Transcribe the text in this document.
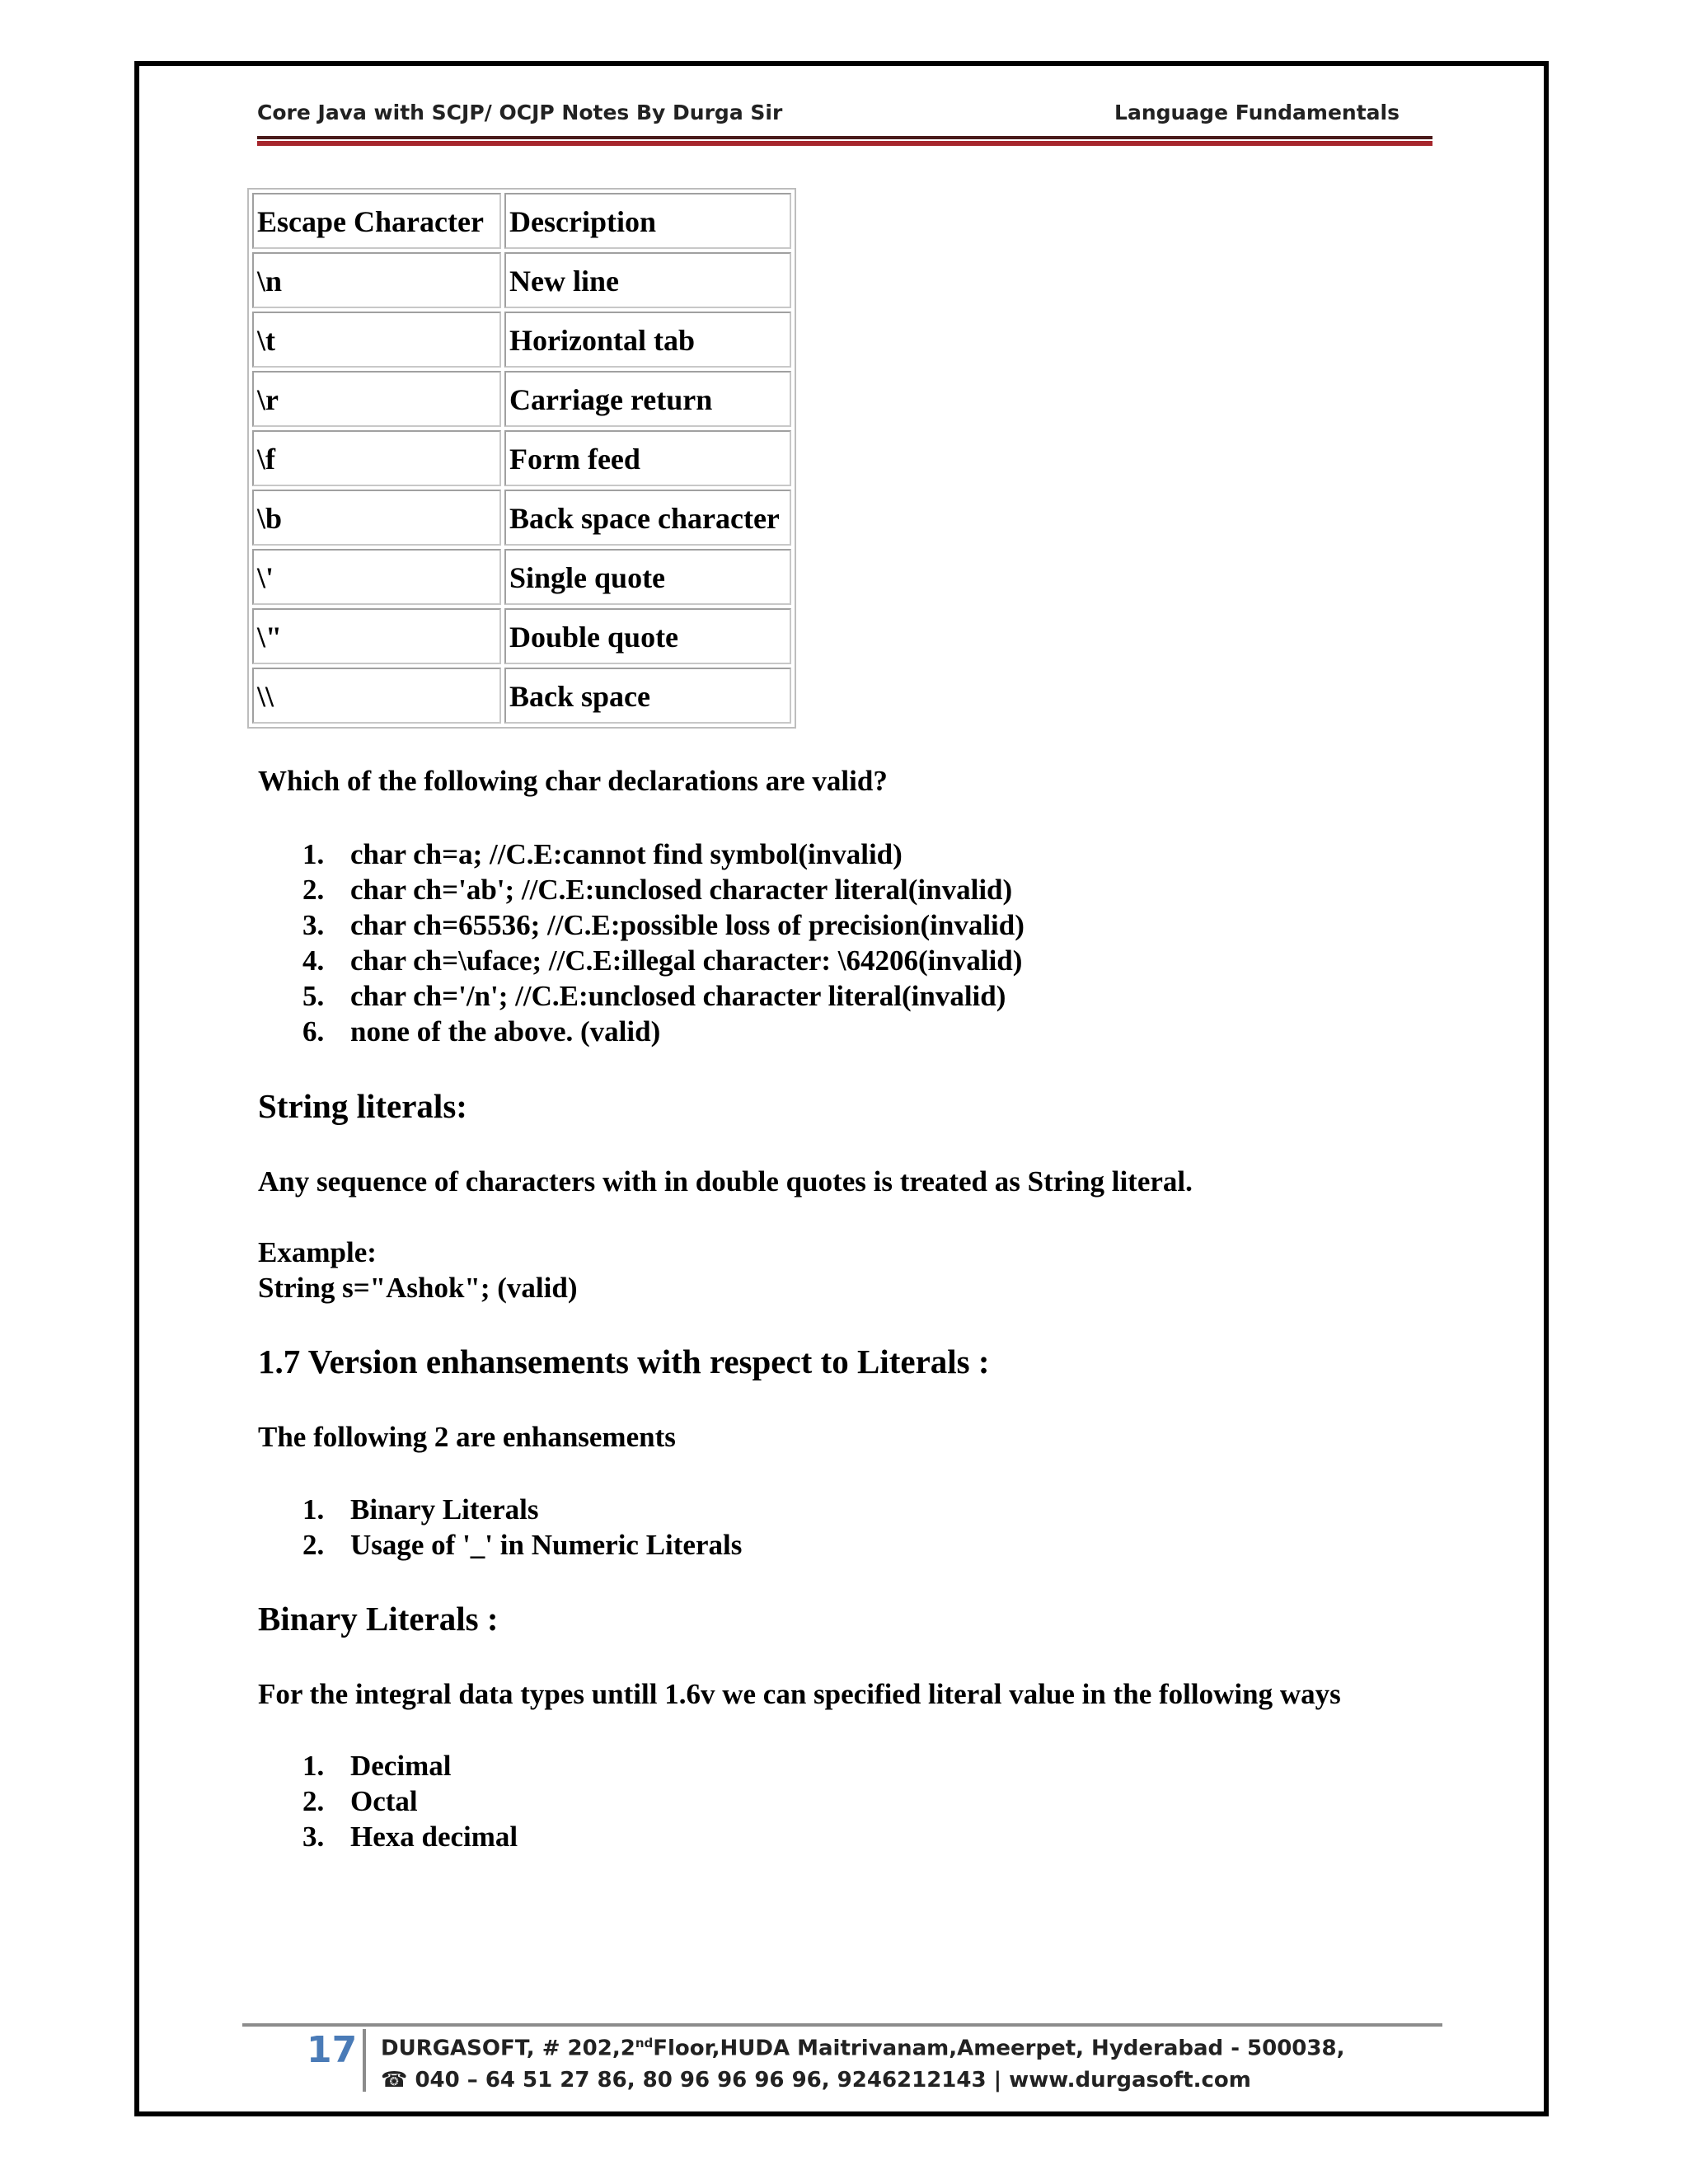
Core Java with SCJP/ OCJP Notes By Durga Sir	Language Fundamentals
Escape Character	Description
\n	New line
\t	Horizontal tab
\r	Carriage return
\f	Form feed
\b	Back space character
\'	Single quote
\"	Double quote
\\	Back space
Which of the following char declarations are valid?
1. char ch=a; //C.E:cannot find symbol(invalid)
2. char ch='ab'; //C.E:unclosed character literal(invalid)
3. char ch=65536; //C.E:possible loss of precision(invalid)
4. char ch=\uface; //C.E:illegal character: \64206(invalid)
5. char ch='/n'; //C.E:unclosed character literal(invalid)
6. none of the above. (valid)
String literals:
Any sequence of characters with in double quotes is treated as String literal.
Example:
String s="Ashok"; (valid)
1.7 Version enhansements with respect to Literals :
The following 2 are enhansements
1. Binary Literals
2. Usage of '_' in Numeric Literals
Binary Literals :
For the integral data types untill 1.6v we can specified literal value in the following ways
1. Decimal
2. Octal
3. Hexa decimal
17 DURGASOFT, # 202,2ndFloor,HUDA Maitrivanam,Ameerpet, Hyderabad - 500038,
☎ 040 – 64 51 27 86, 80 96 96 96 96, 9246212143 | www.durgasoft.com
